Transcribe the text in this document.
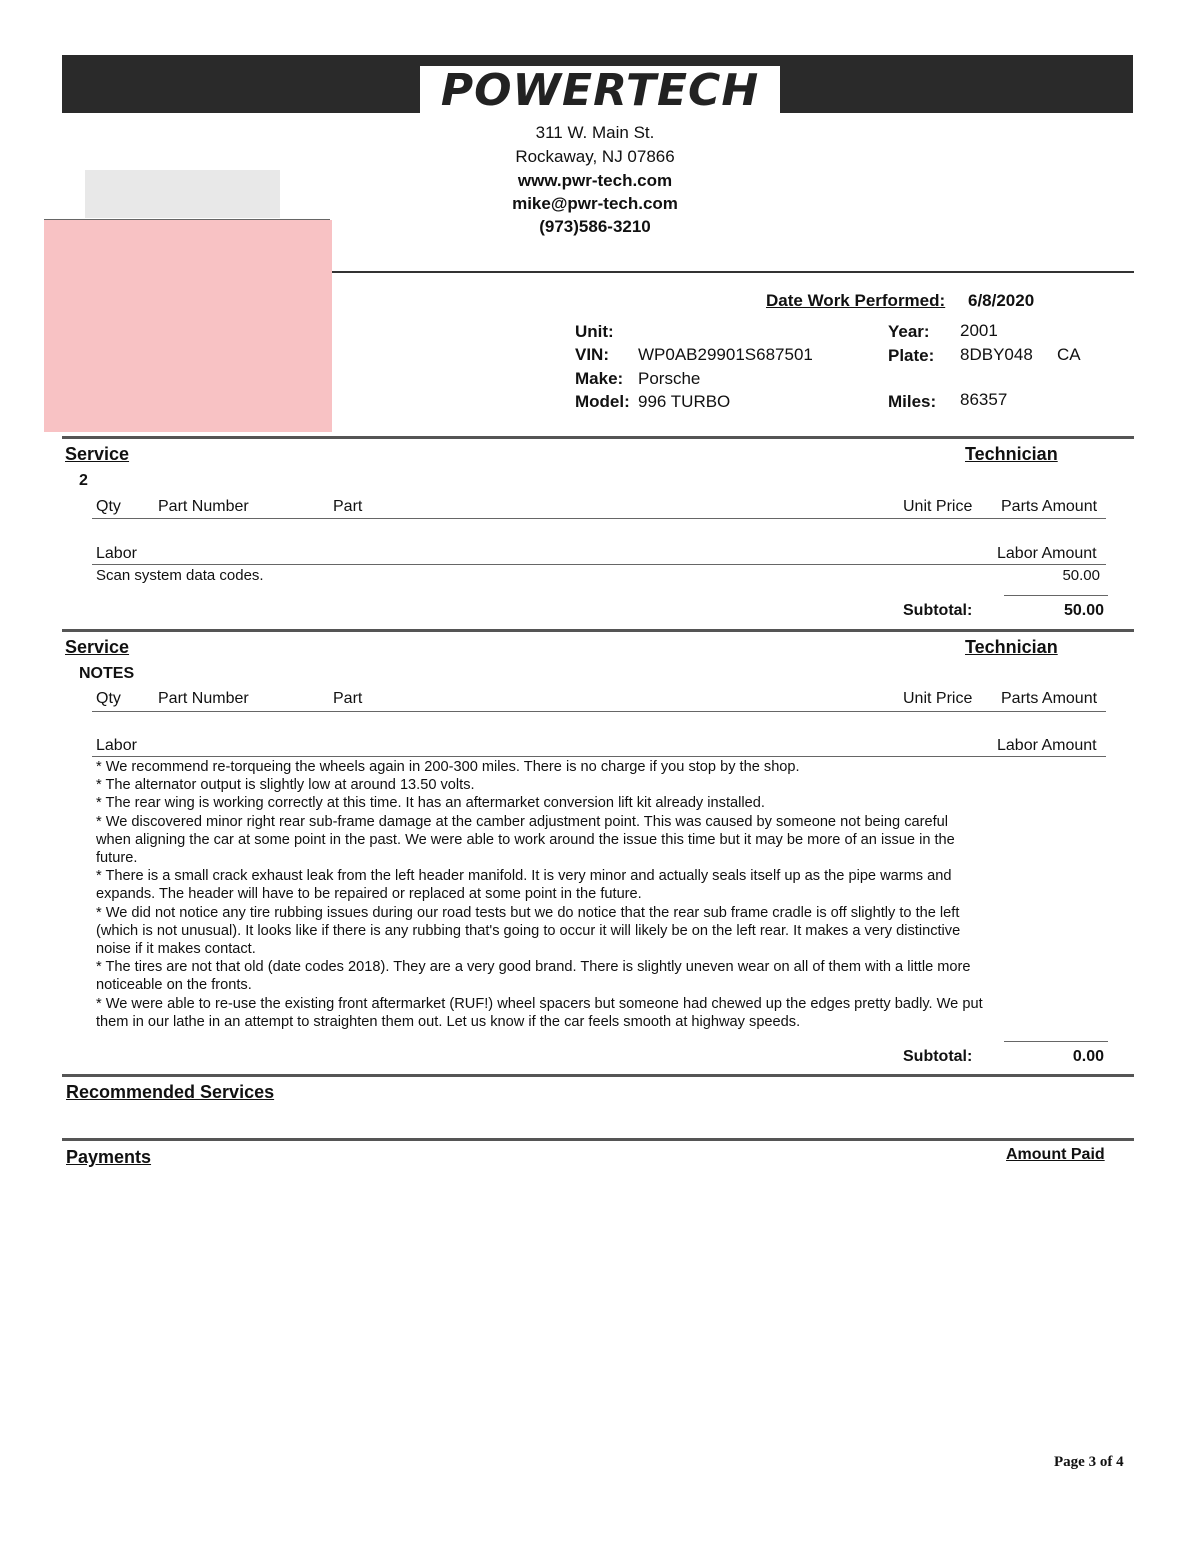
POWERTECH
311 W. Main St.
Rockaway, NJ 07866
www.pwr-tech.com
mike@pwr-tech.com
(973)586-3210
Date Work Performed: 6/8/2020
Unit:
VIN: WP0AB29901S687501
Make: Porsche
Model: 996 TURBO
Year: 2001
Plate: 8DBY048 CA
Miles: 86357
Service	Technician
2
Qty Part Number	Part	Unit Price Parts Amount
Labor	Labor Amount
Scan system data codes.	50.00
Subtotal:	50.00
Service	Technician
NOTES
Qty Part Number	Part	Unit Price Parts Amount
Labor	Labor Amount
* We recommend re-torqueing the wheels again in 200-300 miles. There is no charge if you stop by the shop.
* The alternator output is slightly low at around 13.50 volts.
* The rear wing is working correctly at this time. It has an aftermarket conversion lift kit already installed.
* We discovered minor right rear sub-frame damage at the camber adjustment point. This was caused by someone not being careful when aligning the car at some point in the past. We were able to work around the issue this time but it may be more of an issue in the future.
* There is a small crack exhaust leak from the left header manifold. It is very minor and actually seals itself up as the pipe warms and expands. The header will have to be repaired or replaced at some point in the future.
* We did not notice any tire rubbing issues during our road tests but we do notice that the rear sub frame cradle is off slightly to the left (which is not unusual). It looks like if there is any rubbing that's going to occur it will likely be on the left rear. It makes a very distinctive noise if it makes contact.
* The tires are not that old (date codes 2018). They are a very good brand. There is slightly uneven wear on all of them with a little more noticeable on the fronts.
* We were able to re-use the existing front aftermarket (RUF!) wheel spacers but someone had chewed up the edges pretty badly. We put them in our lathe in an attempt to straighten them out. Let us know if the car feels smooth at highway speeds.
Subtotal:	0.00
Recommended Services
Payments	Amount Paid
Page 3 of 4
